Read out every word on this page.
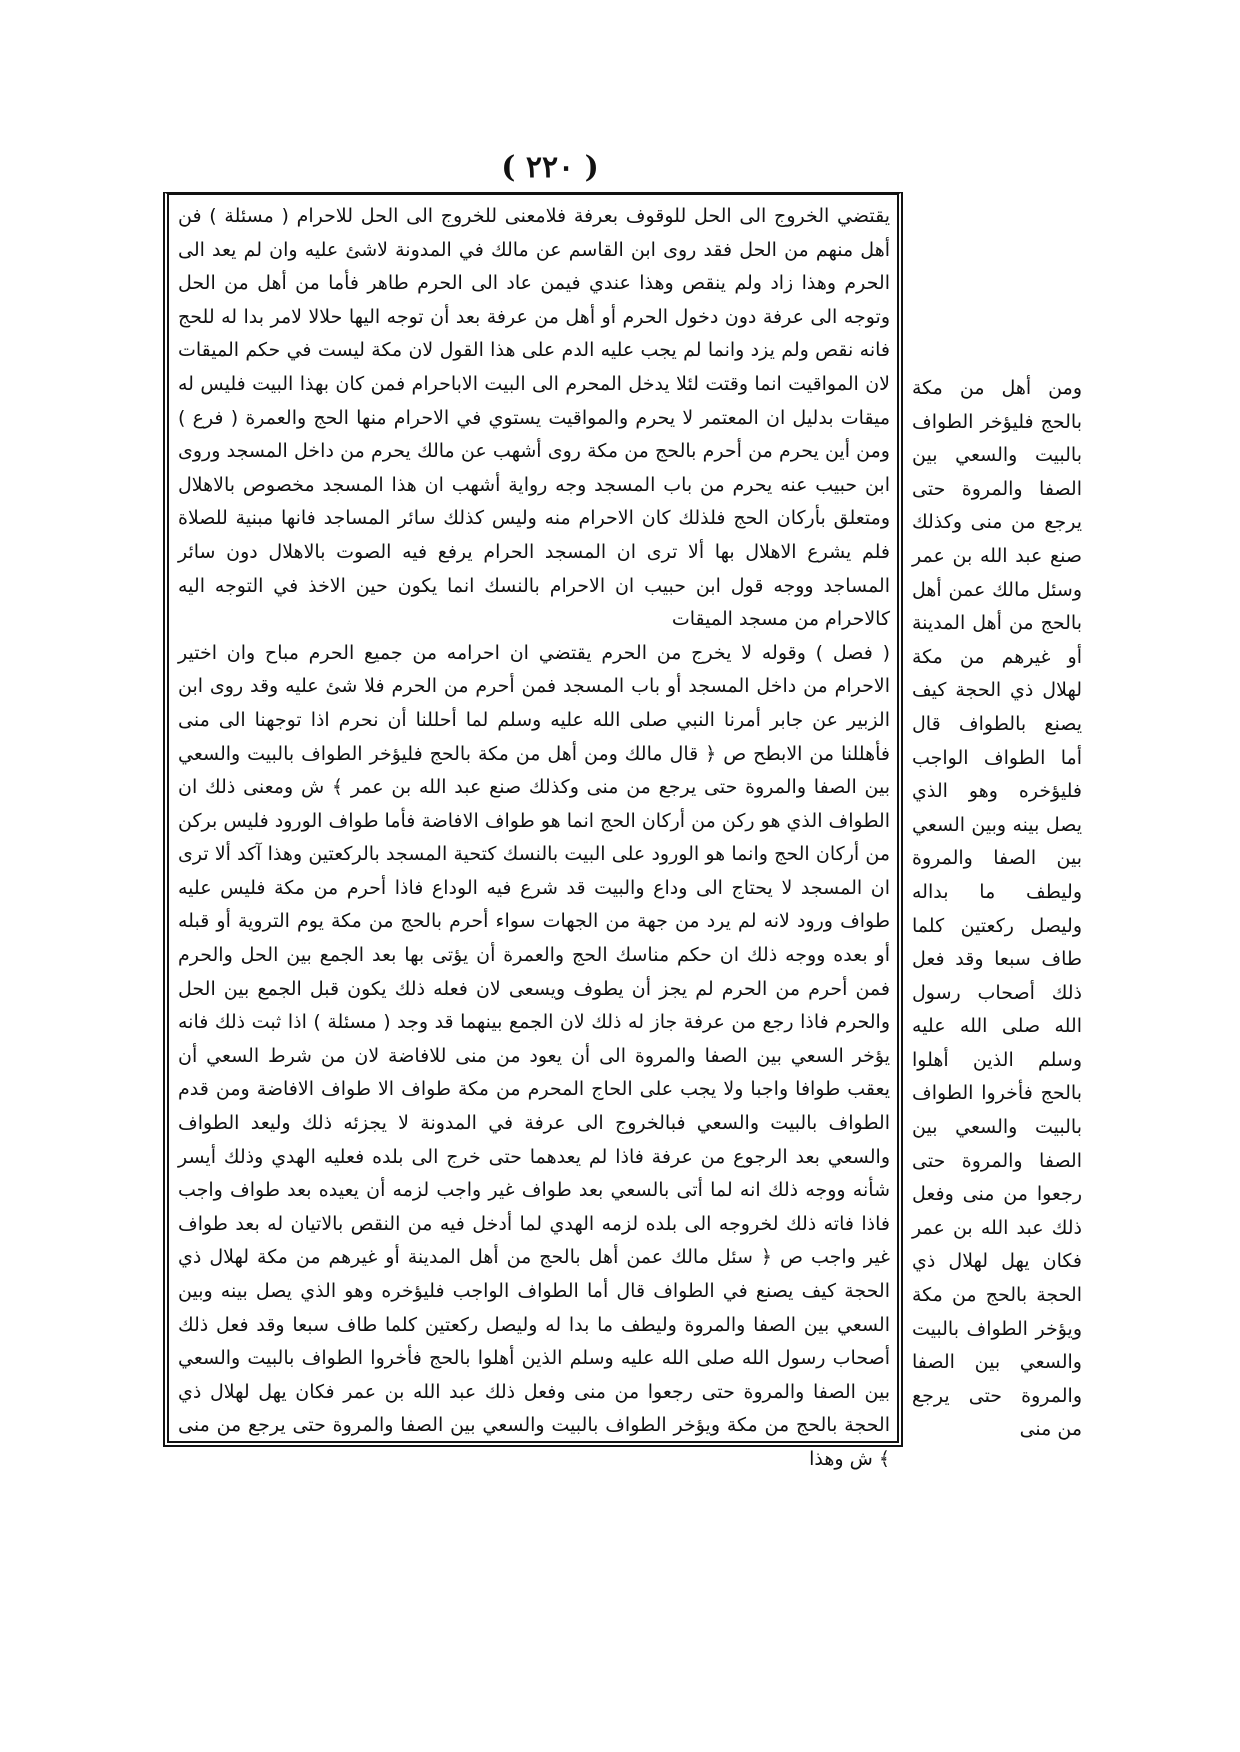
( ٢٢٠ )

يقتضي الخروج الى الحل للوقوف بعرفة فلامعنى للخروج الى الحل للاحرام ( مسئلة ) فن أهل منهم من الحل فقد روى ابن القاسم عن مالك في المدونة لاشئ عليه وان لم يعد الى الحرم وهذا زاد ولم ينقص وهذا عندي فيمن عاد الى الحرم طاهر فأما من أهل من الحل وتوجه الى عرفة دون دخول الحرم أو أهل من عرفة بعد أن توجه اليها حلالا لامر بدا له للحج فانه نقص ولم يزد وانما لم يجب عليه الدم على هذا القول لان مكة ليست في حكم الميقات لان المواقيت انما وقتت لئلا يدخل المحرم الى البيت الاباحرام فمن كان بهذا البيت فليس له ميقات بدليل ان المعتمر لا يحرم والمواقيت يستوي في الاحرام منها الحج والعمرة ( فرع ) ومن أين يحرم من أحرم بالحج من مكة روى أشهب عن مالك يحرم من داخل المسجد وروى ابن حبيب عنه يحرم من باب المسجد وجه رواية أشهب ان هذا المسجد مخصوص بالاهلال ومتعلق بأركان الحج فلذلك كان الاحرام منه وليس كذلك سائر المساجد فانها مبنية للصلاة فلم يشرع الاهلال بها ألا ترى ان المسجد الحرام يرفع فيه الصوت بالاهلال دون سائر المساجد ووجه قول ابن حبيب ان الاحرام بالنسك انما يكون حين الاخذ في التوجه اليه كالاحرام من مسجد الميقات

( فصل ) وقوله لا يخرج من الحرم يقتضي ان احرامه من جميع الحرم مباح وان اختير الاحرام من داخل المسجد أو باب المسجد فمن أحرم من الحرم فلا شئ عليه وقد روى ابن الزبير عن جابر أمرنا النبي صلى الله عليه وسلم لما أحللنا أن نحرم اذا توجهنا الى منى فأهللنا من الابطح ص ﴿ قال مالك ومن أهل من مكة بالحج فليؤخر الطواف بالبيت والسعي بين الصفا والمروة حتى يرجع من منى وكذلك صنع عبد الله بن عمر ﴾ ش ومعنى ذلك ان الطواف الذي هو ركن من أركان الحج انما هو طواف الافاضة فأما طواف الورود فليس بركن من أركان الحج وانما هو الورود على البيت بالنسك كتحية المسجد بالركعتين وهذا آكد ألا ترى ان المسجد لا يحتاج الى وداع والبيت قد شرع فيه الوداع فاذا أحرم من مكة فليس عليه طواف ورود لانه لم يرد من جهة من الجهات سواء أحرم بالحج من مكة يوم التروية أو قبله أو بعده ووجه ذلك ان حكم مناسك الحج والعمرة أن يؤتى بها بعد الجمع بين الحل والحرم فمن أحرم من الحرم لم يجز أن يطوف ويسعى لان فعله ذلك يكون قبل الجمع بين الحل والحرم فاذا رجع من عرفة جاز له ذلك لان الجمع بينهما قد وجد ( مسئلة ) اذا ثبت ذلك فانه يؤخر السعي بين الصفا والمروة الى أن يعود من منى للافاضة لان من شرط السعي أن يعقب طوافا واجبا ولا يجب على الحاج المحرم من مكة طواف الا طواف الافاضة ومن قدم الطواف بالبيت والسعي فبالخروج الى عرفة في المدونة لا يجزئه ذلك وليعد الطواف والسعي بعد الرجوع من عرفة فاذا لم يعدهما حتى خرج الى بلده فعليه الهدي وذلك أيسر شأنه ووجه ذلك انه لما أتى بالسعي بعد طواف غير واجب لزمه أن يعيده بعد طواف واجب فاذا فاته ذلك لخروجه الى بلده لزمه الهدي لما أدخل فيه من النقص بالاتيان له بعد طواف غير واجب ص ﴿ سئل مالك عمن أهل بالحج من أهل المدينة أو غيرهم من مكة لهلال ذي الحجة كيف يصنع في الطواف قال أما الطواف الواجب فليؤخره وهو الذي يصل بينه وبين السعي بين الصفا والمروة وليطف ما بدا له وليصل ركعتين كلما طاف سبعا وقد فعل ذلك أصحاب رسول الله صلى الله عليه وسلم الذين أهلوا بالحج فأخروا الطواف بالبيت والسعي بين الصفا والمروة حتى رجعوا من منى وفعل ذلك عبد الله بن عمر فكان يهل لهلال ذي الحجة بالحج من مكة ويؤخر الطواف بالبيت والسعي بين الصفا والمروة حتى يرجع من منى ﴾ ش وهذا

ومن أهل من مكة بالحج فليؤخر الطواف بالبيت والسعي بين الصفا والمروة حتى يرجع من منى وكذلك صنع عبد الله بن عمر وسئل مالك عمن أهل بالحج من أهل المدينة أو غيرهم من مكة لهلال ذي الحجة كيف يصنع بالطواف قال أما الطواف الواجب فليؤخره وهو الذي يصل بينه وبين السعي بين الصفا والمروة وليطف ما بداله وليصل ركعتين كلما طاف سبعا وقد فعل ذلك أصحاب رسول الله صلى الله عليه وسلم الذين أهلوا بالحج فأخروا الطواف بالبيت والسعي بين الصفا والمروة حتى رجعوا من منى وفعل ذلك عبد الله بن عمر فكان يهل لهلال ذي الحجة بالحج من مكة ويؤخر الطواف بالبيت والسعي بين الصفا والمروة حتى يرجع من منى
